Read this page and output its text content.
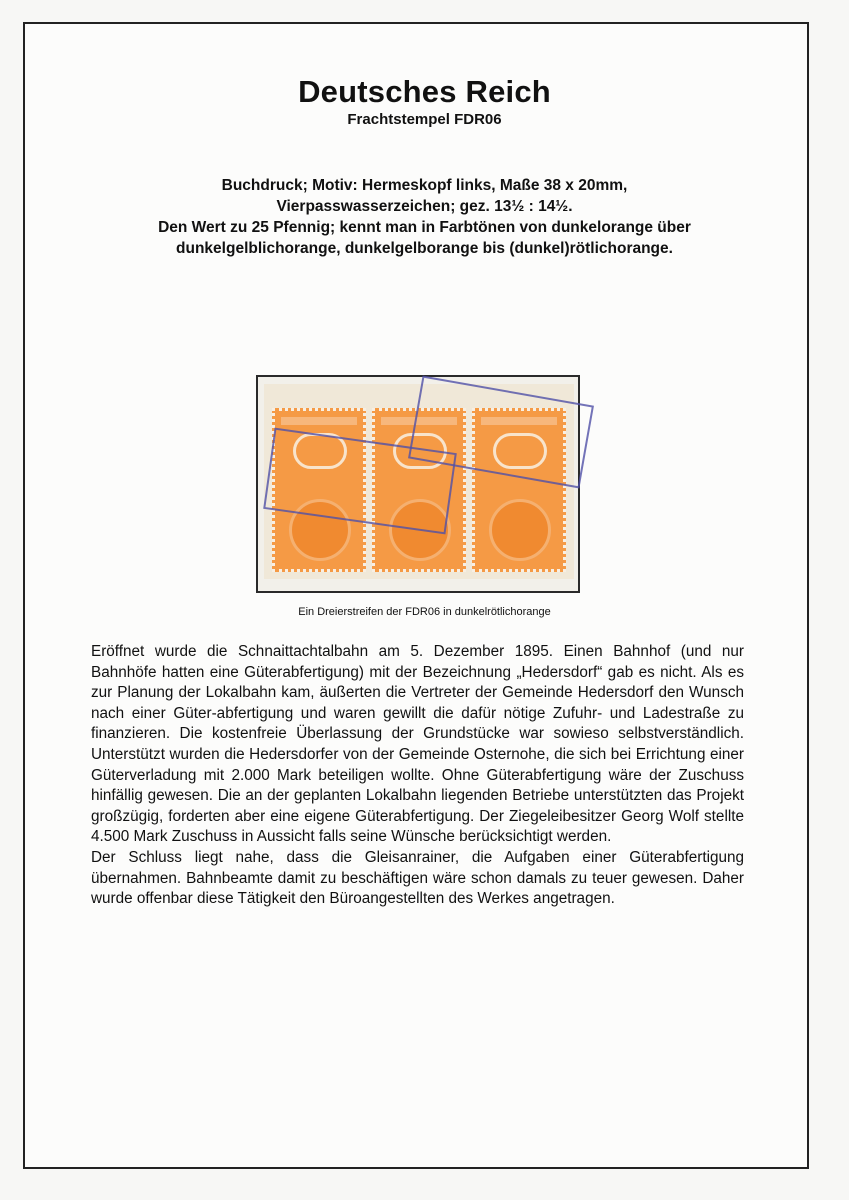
Deutsches Reich
Frachtstempel FDR06
Buchdruck; Motiv: Hermeskopf links, Maße 38 x 20mm,
Vierpasswasserzeichen; gez. 13½ : 14½.
Den Wert zu 25 Pfennig; kennt man in Farbtönen von dunkelorange über
dunkelgelblichorange, dunkelgelborange bis (dunkel)rötlichorange.
Ein Dreierstreifen der FDR06 in dunkelrötlichorange

Eröffnet wurde die Schnaittachtalbahn am 5. Dezember 1895. Einen Bahnhof (und nur Bahnhöfe hatten eine Güterabfertigung) mit der Bezeichnung „Hedersdorf“ gab es nicht. Als es zur Planung der Lokalbahn kam, äußerten die Vertreter der Gemeinde Hedersdorf den Wunsch nach einer Güter-abfertigung und waren gewillt die dafür nötige Zufuhr- und Ladestraße zu finanzieren. Die kostenfreie Überlassung der Grundstücke war sowieso selbstverständlich. Unterstützt wurden die Hedersdorfer von der Gemeinde Osternohe, die sich bei Errichtung einer Güterverladung mit 2.000 Mark beteiligen wollte. Ohne Güterabfertigung wäre der Zuschuss hinfällig gewesen. Die an der geplanten Lokalbahn liegenden Betriebe unterstützten das Projekt großzügig, forderten aber eine eigene Güterabfertigung. Der Ziegeleibesitzer Georg Wolf stellte 4.500 Mark Zuschuss in Aussicht falls seine Wünsche berücksichtigt werden.

Der Schluss liegt nahe, dass die Gleisanrainer, die Aufgaben einer Güterabfertigung übernahmen. Bahnbeamte damit zu beschäftigen wäre schon damals zu teuer gewesen. Daher wurde offenbar diese Tätigkeit den Büroangestellten des Werkes angetragen.
